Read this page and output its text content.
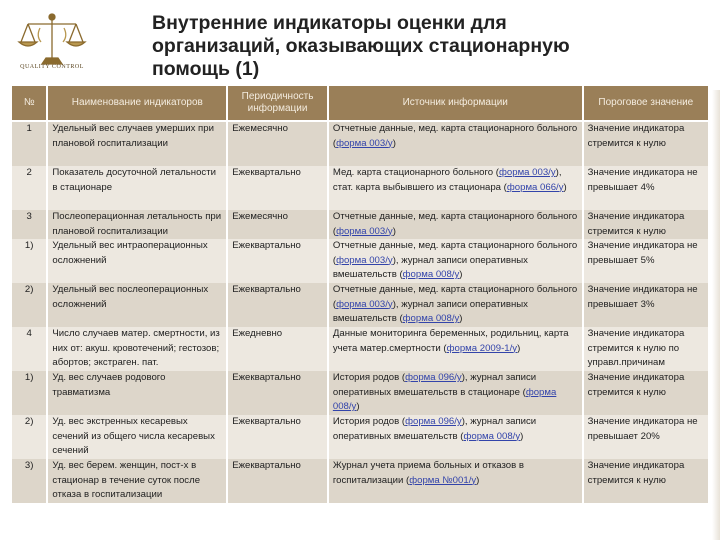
QUALITY CONTROL
Внутренние индикаторы оценки для
организаций, оказывающих стационарную
помощь (1)
№	Наименование индикаторов	Периодичность информации	Источник информации	Пороговое значение
1	Удельный вес случаев умерших при плановой госпитализации	Ежемесячно	Отчетные данные, мед. карта стационарного больного (форма 003/у)	Значение индикатора стремится к нулю
2	Показатель досуточной летальности в стационаре	Ежеквартально	Мед. карта стационарного больного (форма 003/у), стат. карта выбывшего из стационара (форма 066/у)	Значение индикатора не превышает 4%
3	Послеоперационная летальность при плановой госпитализации	Ежемесячно	Отчетные данные, мед. карта стационарного больного (форма 003/у)	Значение индикатора стремится к нулю
1)	Удельный вес интраоперационных осложнений	Ежеквартально	Отчетные данные, мед. карта стационарного больного (форма 003/у), журнал записи оперативных вмешательств (форма 008/у)	Значение индикатора не превышает 5%
2)	Удельный вес послеоперационных осложнений	Ежеквартально	Отчетные данные, мед. карта стационарного больного (форма 003/у), журнал записи оперативных вмешательств (форма 008/у)	Значение индикатора не превышает 3%
4	Число случаев матер. смертности, из них от: акуш. кровотечений; гестозов; абортов; экстраген. пат.	Ежедневно	Данные мониторинга беременных, родильниц, карта учета матер.смертности (форма 2009-1/у)	Значение индикатора стремится к нулю по управл.причинам
1)	Уд. вес случаев родового травматизма	Ежеквартально	История родов (форма 096/у), журнал записи оперативных вмешательств в стационаре (форма 008/у)	Значение индикатора стремится к нулю
2)	Уд. вес экстренных кесаревых сечений из общего числа кесаревых сечений	Ежеквартально	История родов (форма 096/у), журнал записи оперативных вмешательств (форма 008/у)	Значение индикатора не превышает 20%
3)	Уд. вес берем. женщин, пост-х в стационар в течение суток после отказа в госпитализации	Ежеквартально	Журнал учета приема больных и отказов в госпитализации (форма №001/у)	Значение индикатора стремится к нулю
